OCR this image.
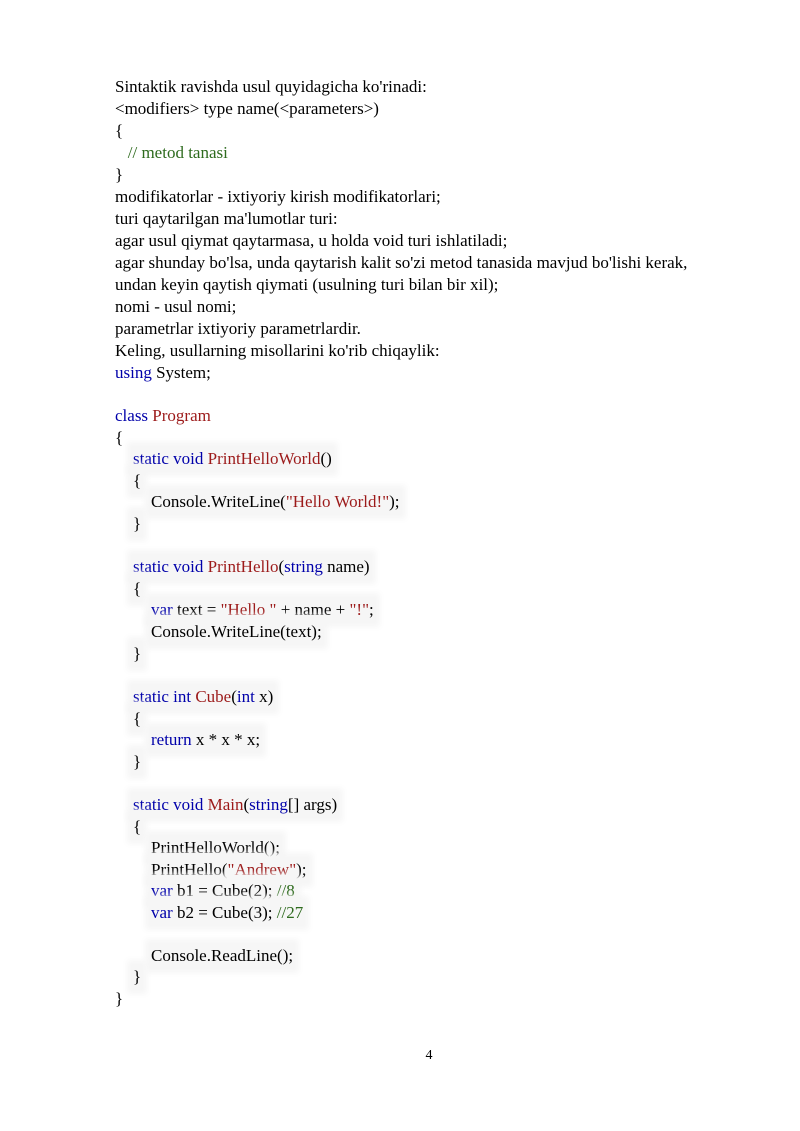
Sintaktik ravishda usul quyidagicha ko'rinadi:
<modifiers> type name(<parameters>)
{
// metod tanasi
}
modifikatorlar - ixtiyoriy kirish modifikatorlari;
turi qaytarilgan ma'lumotlar turi:
agar usul qiymat qaytarmasa, u holda void turi ishlatiladi;
agar shunday bo'lsa, unda qaytarish kalit so'zi metod tanasida mavjud bo'lishi kerak,
undan keyin qaytish qiymati (usulning turi bilan bir xil);
nomi - usul nomi;
parametrlar ixtiyoriy parametrlardir.
Keling, usullarning misollarini ko'rib chiqaylik:
using System;
class Program
{
static void PrintHelloWorld()
{
Console.WriteLine("Hello World!");
}
static void PrintHello(string name)
{
var text = "Hello " + name + "!";
Console.WriteLine(text);
}
static int Cube(int x)
{
return x * x * x;
}
static void Main(string[] args)
{
PrintHelloWorld();
PrintHello("Andrew");
var b1 = Cube(2); //8
var b2 = Cube(3); //27
Console.ReadLine();
}
}
4
